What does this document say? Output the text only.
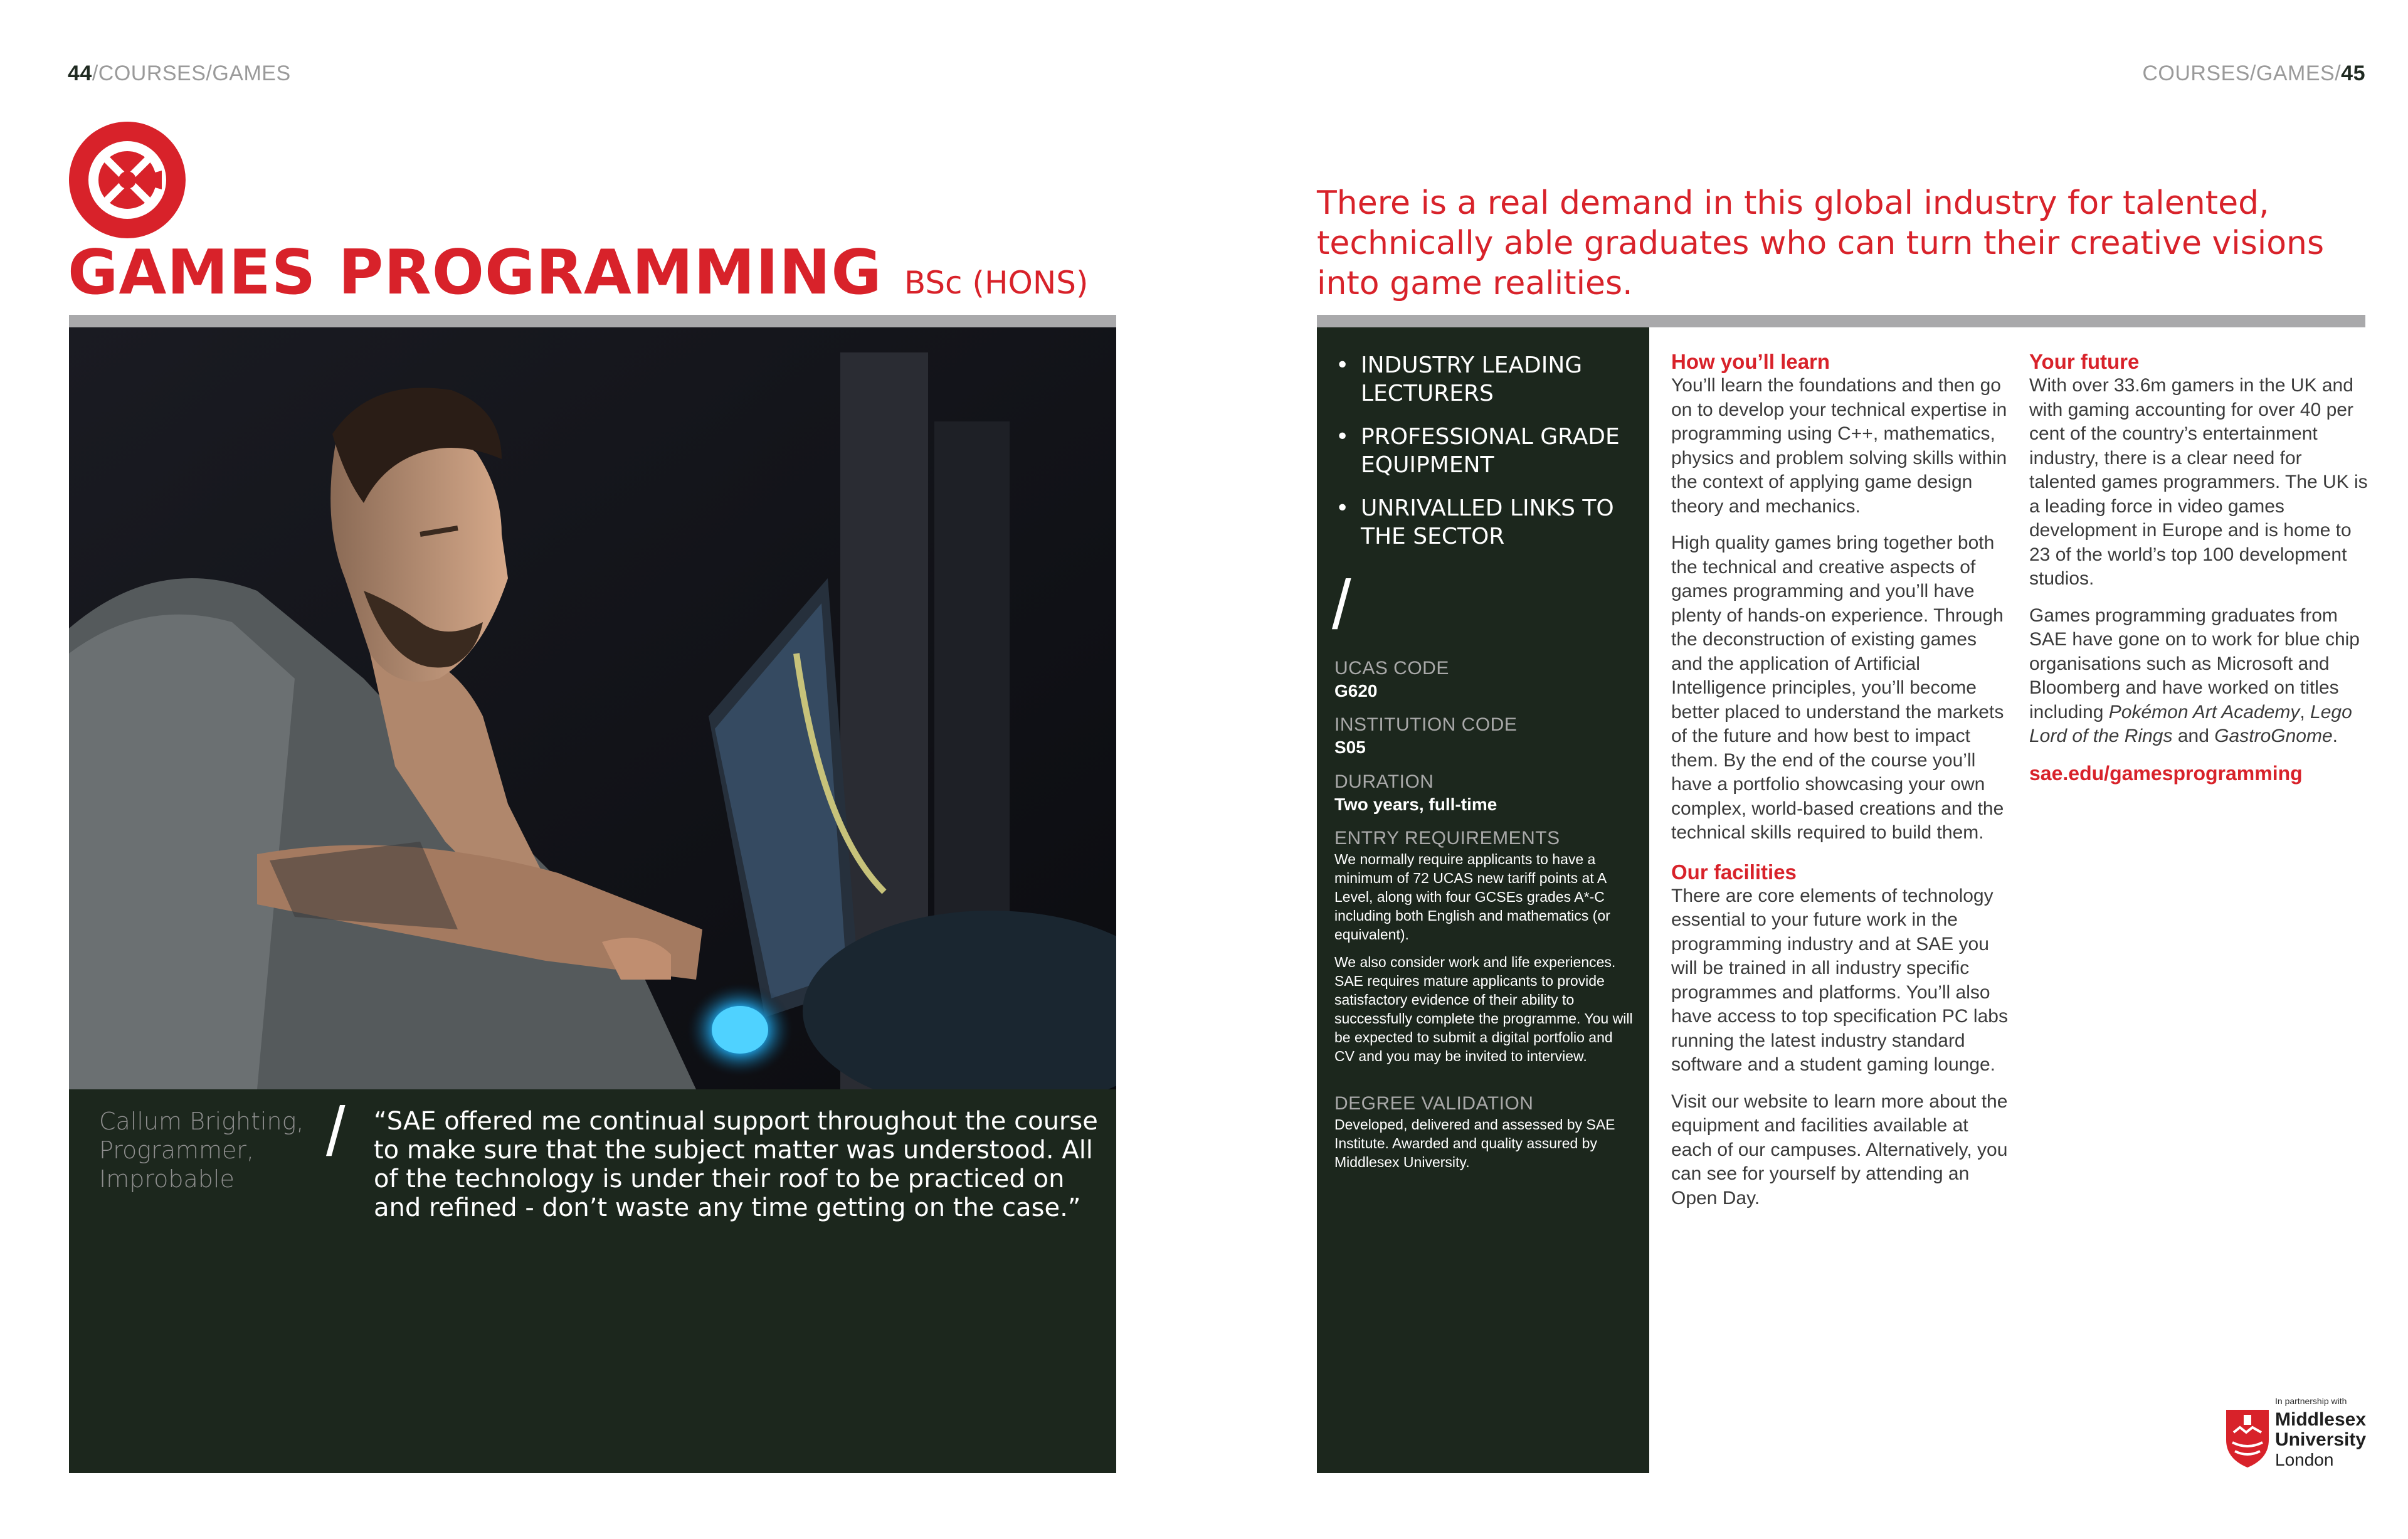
44/COURSES/GAMES	COURSES/GAMES/45
GAMES PROGRAMMING BSc (HONS)
Callum Brighting,
Programmer,
Improbable
/ “SAE offered me continual support throughout the course to make sure that the subject matter was understood. All of the technology is under their roof to be practiced on and refined - don’t waste any time getting on the case.”
There is a real demand in this global industry for talented, technically able graduates who can turn their creative visions into game realities.
• INDUSTRY LEADING LECTURERS
• PROFESSIONAL GRADE EQUIPMENT
• UNRIVALLED LINKS TO THE SECTOR
/
UCAS CODE
G620
INSTITUTION CODE
S05
DURATION
Two years, full-time
ENTRY REQUIREMENTS
We normally require applicants to have a minimum of 72 UCAS new tariff points at A Level, along with four GCSEs grades A*-C including both English and mathematics (or equivalent).
We also consider work and life experiences. SAE requires mature applicants to provide satisfactory evidence of their ability to successfully complete the programme. You will be expected to submit a digital portfolio and CV and you may be invited to interview.
DEGREE VALIDATION
Developed, delivered and assessed by SAE Institute. Awarded and quality assured by Middlesex University.
How you’ll learn

You’ll learn the foundations and then go on to develop your technical expertise in programming using C++, mathematics, physics and problem solving skills within the context of applying game design theory and mechanics.

High quality games bring together both the technical and creative aspects of games programming and you’ll have plenty of hands-on experience. Through the deconstruction of existing games and the application of Artificial Intelligence principles, you’ll become better placed to understand the markets of the future and how best to impact them. By the end of the course you’ll have a portfolio showcasing your own complex, world-based creations and the technical skills required to build them.

Our facilities

There are core elements of technology essential to your future work in the programming industry and at SAE you will be trained in all industry specific programmes and platforms. You’ll also have access to top specification PC labs running the latest industry standard software and a student gaming lounge.

Visit our website to learn more about the equipment and facilities available at each of our campuses. Alternatively, you can see for yourself by attending an Open Day.

Your future

With over 33.6m gamers in the UK and with gaming accounting for over 40 per cent of the country’s entertainment industry, there is a clear need for talented games programmers. The UK is a leading force in video games development in Europe and is home to 23 of the world’s top 100 development studios.

Games programming graduates from SAE have gone on to work for blue chip organisations such as Microsoft and Bloomberg and have worked on titles including Pokémon Art Academy, Lego Lord of the Rings and GastroGnome.

sae.edu/gamesprogramming
In partnership with
Middlesex
University
London
